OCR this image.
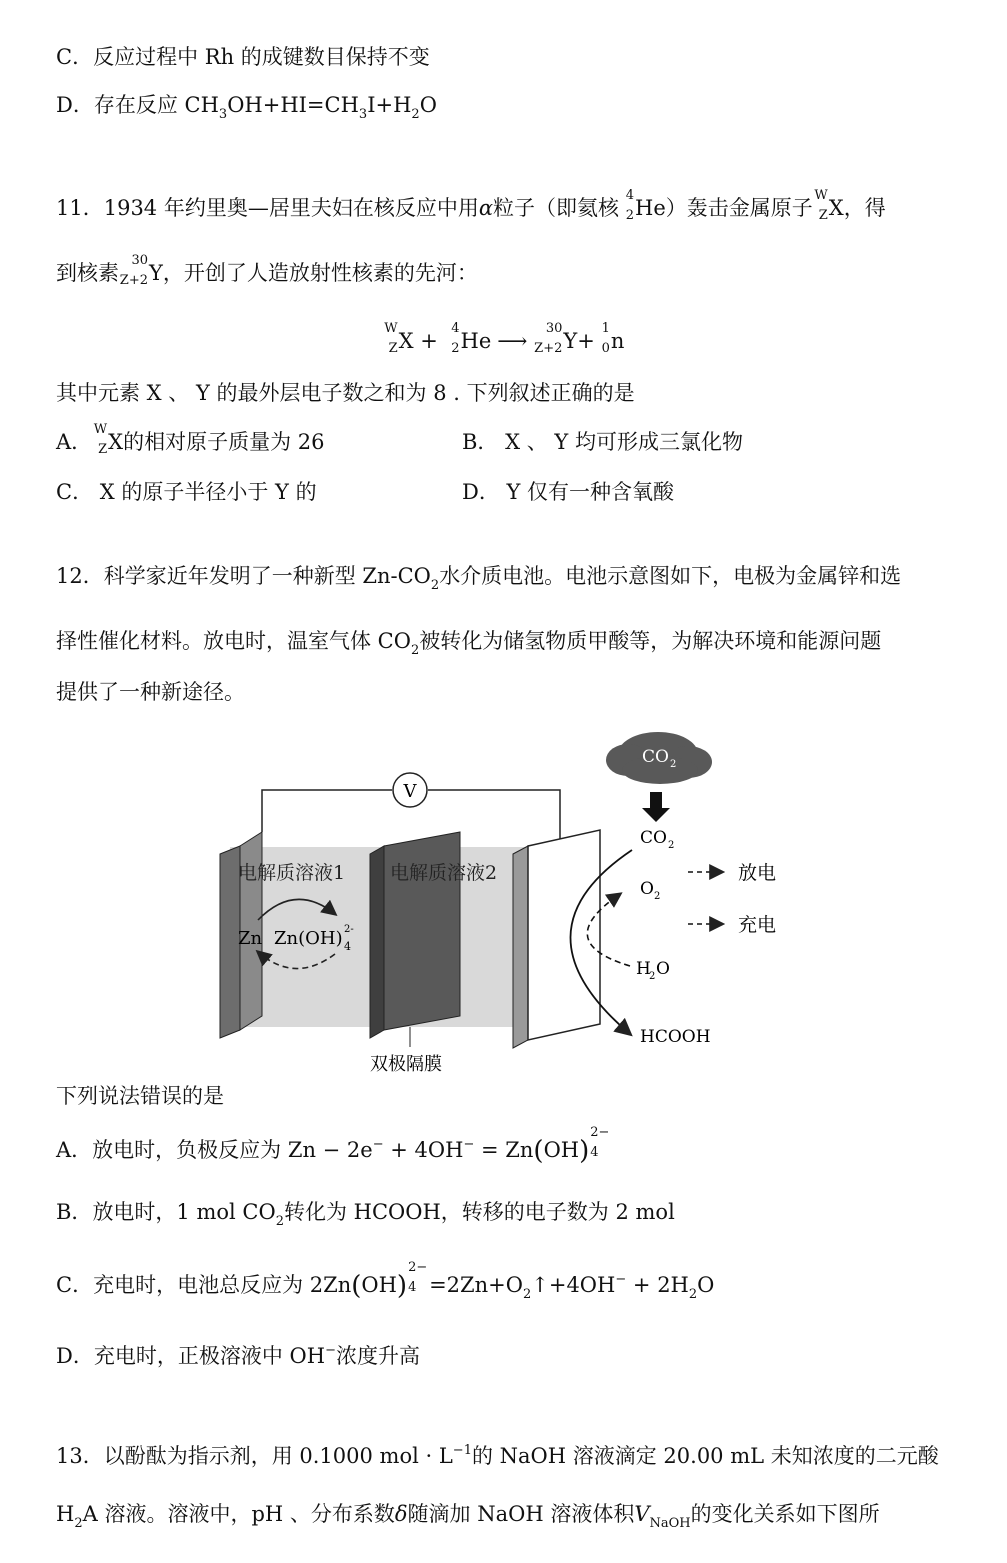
C．反应过程中 Rh 的成键数目保持不变
D．存在反应 $CH_3OH+HI=CH_3I+H_2O$
11．1934 年约里奥—居里夫妇在核反应中用α粒子（即氦核
4
2 He）轰击金属原子
W
Z X，得
到核素
30
Z+2 Y，开创了人造放射性核素的先河：
W
Z X +
4
2 He ⟶
30
Z+2 Y+
1
0 n
其中元素 X 、 Y 的最外层电子数之和为 8 . 下列叙述正确的是
A．
W
Z X的相对原子质量为 26	B． X 、 Y 均可形成三氯化物
C． X 的原子半径小于 Y 的	D． Y 仅有一种含氧酸
12．科学家近年发明了一种新型 $Zn-CO_2$水介质电池。电池示意图如下，电极为金属锌和选
择性催化材料。放电时，温室气体 $CO_2$被转化为储氢物质甲酸等，为解决环境和能源问题
提供了一种新途径。
V
电解质溶液1 电解质溶液2
Zn Zn(OH) 4
2-
CO 2
CO 2
O 2
H
2 O
HCOOH
放电
充电
双极隔膜
下列说法错误的是
A．放电时，负极反应为 Zn − 2e− + 4OH− = Zn(OH)
2−
4
B．放电时，1 mol $CO_2$转化为 HCOOH，转移的电子数为 2 mol
C．充电时，电池总反应为 2Zn(OH)
2−
$4 =2Zn+O_2↑+4OH^- + 2H_2O$
D．充电时，正极溶液中 OH−浓度升高
13．以酚酞为指示剂，用 0.1000 mol · $L^{-1}$的 NaOH 溶液滴定 20.00 mL 未知浓度的二元酸
$H_2A$ 溶液。溶液中，pH 、分布系数δ随滴加 NaOH 溶液体积$V_{NaOH}$的变化关系如下图所
